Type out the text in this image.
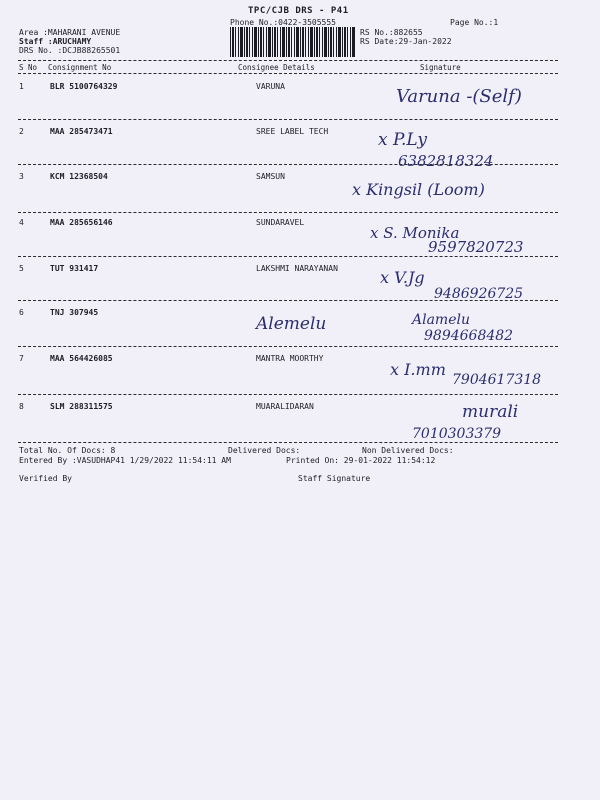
TPC/CJB DRS - P41
Phone No.:0422-3505555	Page No.:1
Area :MAHARANI AVENUE
Staff :ARUCHAMY
DRS No. :DCJB88265501
RS No.:882655
RS Date:29-Jan-2022
S No Consignment No	Consignee Details	Signature
1	BLR 5100764329	VARUNA	Varuna -(Self)
2	MAA 285473471	SREE LABEL TECH	x P.Ly
6382818324
3	KCM 12368504	SAMSUN
x Kingsil (Loom)
4	MAA 285656146	SUNDARAVEL
x S. Monika
9597820723
5	TUT 931417	LAKSHMI NARAYANAN	x V.Jg
9486926725
6	TNJ 307945
Alemelu	Alamelu
9894668482
7	MAA 564426085	MANTRA MOORTHY
x I.mm
7904617318
8	SLM 288311575	MUARALIDARAN	murali
7010303379
Total No. Of Docs: 8	Delivered Docs:	Non Delivered Docs:
Entered By :VASUDHAP41 1/29/2022 11:54:11 AM	Printed On: 29-01-2022 11:54:12
Verified By	Staff Signature
